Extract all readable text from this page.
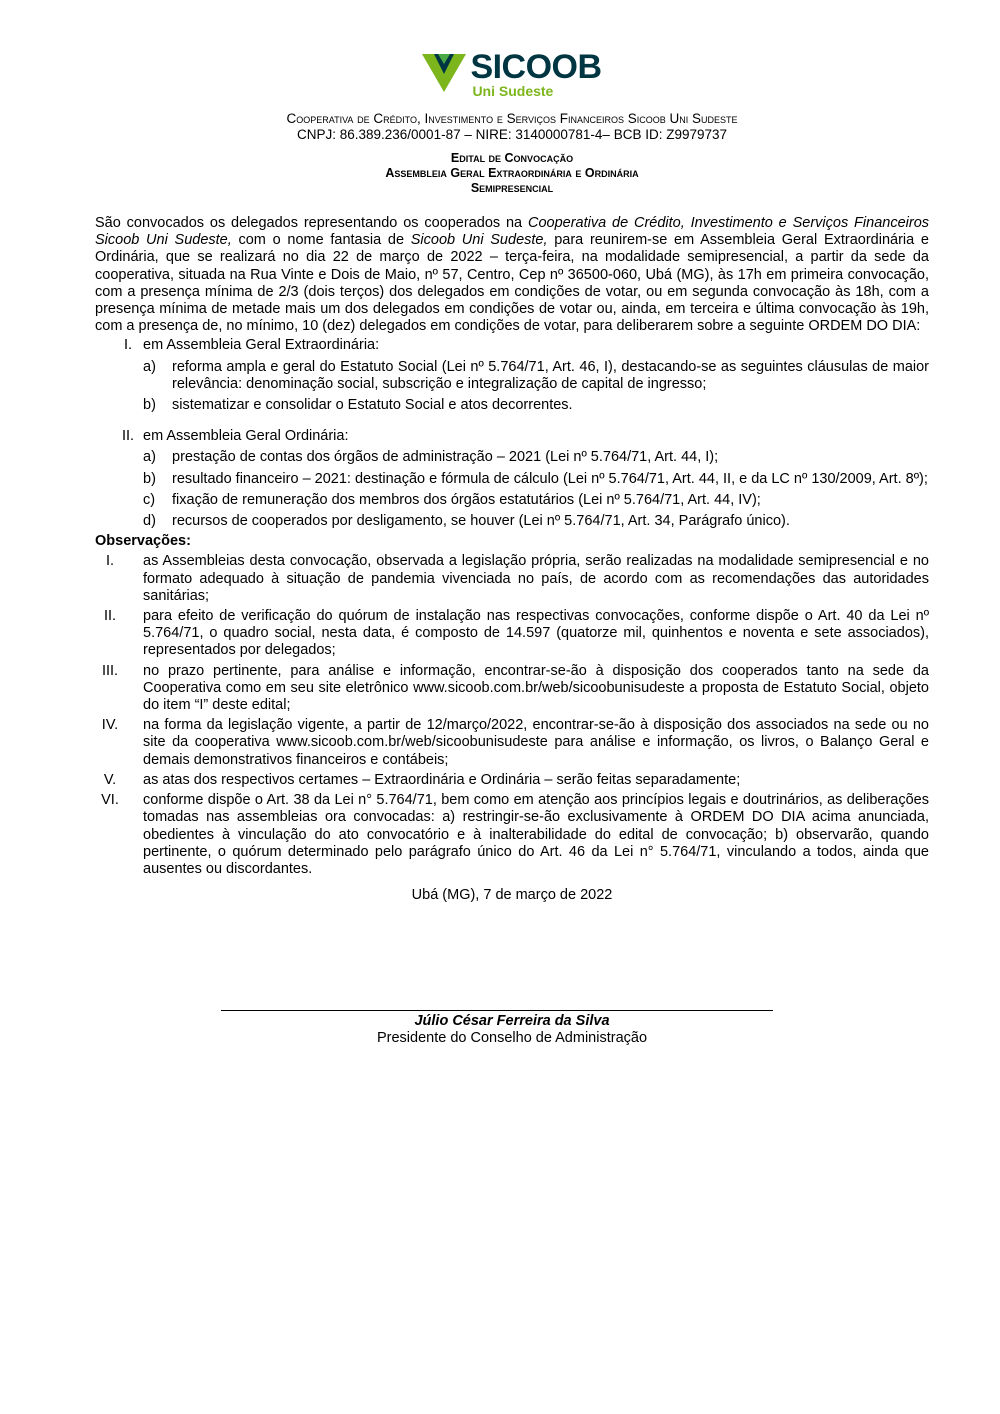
SICOOB
Uni Sudeste
Cooperativa de Crédito, Investimento e Serviços Financeiros Sicoob Uni Sudeste
CNPJ: 86.389.236/0001-87 – NIRE: 3140000781-4– BCB ID: Z9979737
Edital de Convocação
Assembleia Geral Extraordinária e Ordinária
Semipresencial

São convocados os delegados representando os cooperados na Cooperativa de Crédito, Investimento e Serviços Financeiros Sicoob Uni Sudeste, com o nome fantasia de Sicoob Uni Sudeste, para reunirem-se em Assembleia Geral Extraordinária e Ordinária, que se realizará no dia 22 de março de 2022 – terça-feira, na modalidade semipresencial, a partir da sede da cooperativa, situada na Rua Vinte e Dois de Maio, nº 57, Centro, Cep nº 36500-060, Ubá (MG), às 17h em primeira convocação, com a presença mínima de 2/3 (dois terços) dos delegados em condições de votar, ou em segunda convocação às 18h, com a presença mínima de metade mais um dos delegados em condições de votar ou, ainda, em terceira e última convocação às 19h, com a presença de, no mínimo, 10 (dez) delegados em condições de votar, para deliberarem sobre a seguinte ORDEM DO DIA:

I. em Assembleia Geral Extraordinária:
a)	reforma ampla e geral do Estatuto Social (Lei nº 5.764/71, Art. 46, I), destacando-se as seguintes cláusulas de maior relevância: denominação social, subscrição e integralização de capital de ingresso;
b)	sistematizar e consolidar o Estatuto Social e atos decorrentes.
II. em Assembleia Geral Ordinária:
a)	prestação de contas dos órgãos de administração – 2021 (Lei nº 5.764/71, Art. 44, I);
b)	resultado financeiro – 2021: destinação e fórmula de cálculo (Lei nº 5.764/71, Art. 44, II, e da LC nº 130/2009, Art. 8º);
c)	fixação de remuneração dos membros dos órgãos estatutários (Lei nº 5.764/71, Art. 44, IV);
d)	recursos de cooperados por desligamento, se houver (Lei nº 5.764/71, Art. 34, Parágrafo único).
Observações:
I.	as Assembleias desta convocação, observada a legislação própria, serão realizadas na modalidade semipresencial e no formato adequado à situação de pandemia vivenciada no país, de acordo com as recomendações das autoridades sanitárias;
II.	para efeito de verificação do quórum de instalação nas respectivas convocações, conforme dispõe o Art. 40 da Lei nº 5.764/71, o quadro social, nesta data, é composto de 14.597 (quatorze mil, quinhentos e noventa e sete associados), representados por delegados;
III.	no prazo pertinente, para análise e informação, encontrar-se-ão à disposição dos cooperados tanto na sede da Cooperativa como em seu site eletrônico www.sicoob.com.br/web/sicoobunisudeste a proposta de Estatuto Social, objeto do item “I” deste edital;
IV.	na forma da legislação vigente, a partir de 12/março/2022, encontrar-se-ão à disposição dos associados na sede ou no site da cooperativa www.sicoob.com.br/web/sicoobunisudeste para análise e informação, os livros, o Balanço Geral e demais demonstrativos financeiros e contábeis;
V.	as atas dos respectivos certames – Extraordinária e Ordinária – serão feitas separadamente;
VI.	conforme dispõe o Art. 38 da Lei n° 5.764/71, bem como em atenção aos princípios legais e doutrinários, as deliberações tomadas nas assembleias ora convocadas: a) restringir-se-ão exclusivamente à ORDEM DO DIA acima anunciada, obedientes à vinculação do ato convocatório e à inalterabilidade do edital de convocação; b) observarão, quando pertinente, o quórum determinado pelo parágrafo único do Art. 46 da Lei n° 5.764/71, vinculando a todos, ainda que ausentes ou discordantes.
Ubá (MG), 7 de março de 2022
Júlio César Ferreira da Silva
Presidente do Conselho de Administração
